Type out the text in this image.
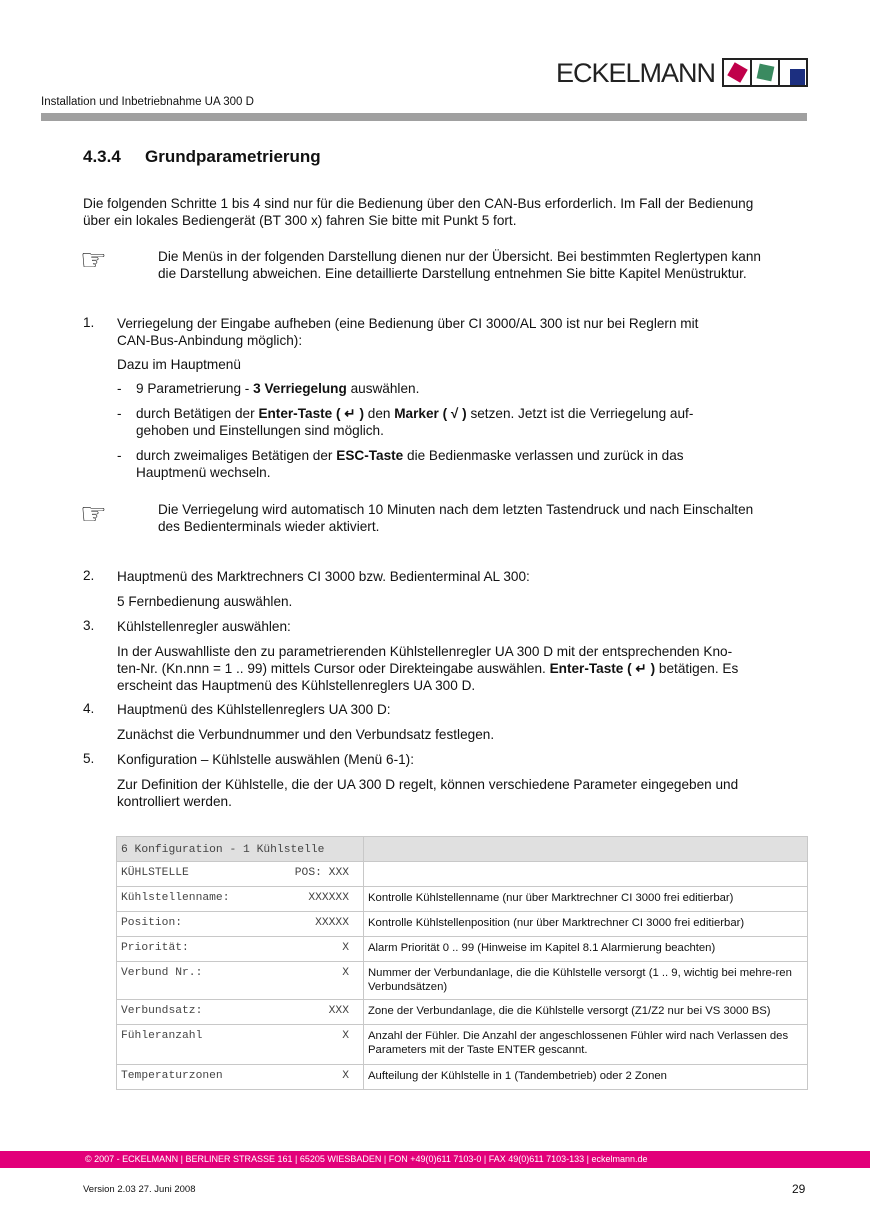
ECKELMANN
Installation und Inbetriebnahme UA 300 D
4.3.4 Grundparametrierung

Die folgenden Schritte 1 bis 4 sind nur für die Bedienung über den CAN-Bus erforderlich. Im Fall der Bedienung

über ein lokales Bediengerät (BT 300 x) fahren Sie bitte mit Punkt 5 fort.

☞	Die Menüs in der folgenden Darstellung dienen nur der Übersicht. Bei bestimmten Reglertypen kann

die Darstellung abweichen. Eine detaillierte Darstellung entnehmen Sie bitte Kapitel Menüstruktur.

1.	Verriegelung der Eingabe aufheben (eine Bedienung über CI 3000/AL 300 ist nur bei Reglern mit

CAN-Bus-Anbindung möglich):

Dazu im Hauptmenü

- 9 Parametrierung - 3 Verriegelung auswählen.

- durch Betätigen der Enter-Taste ( ↵ ) den Marker ( √ ) setzen. Jetzt ist die Verriegelung auf-

gehoben und Einstellungen sind möglich.

- durch zweimaliges Betätigen der ESC-Taste die Bedienmaske verlassen und zurück in das

Hauptmenü wechseln.

☞	Die Verriegelung wird automatisch 10 Minuten nach dem letzten Tastendruck und nach Einschalten

des Bedienterminals wieder aktiviert.

2.	Hauptmenü des Marktrechners CI 3000 bzw. Bedienterminal AL 300:

5 Fernbedienung auswählen.

3.	Kühlstellenregler auswählen:

In der Auswahlliste den zu parametrierenden Kühlstellenregler UA 300 D mit der entsprechenden Kno-

ten-Nr. (Kn.nnn = 1 .. 99) mittels Cursor oder Direkteingabe auswählen. Enter-Taste ( ↵ ) betätigen. Es

erscheint das Hauptmenü des Kühlstellenreglers UA 300 D.

4.	Hauptmenü des Kühlstellenreglers UA 300 D:

Zunächst die Verbundnummer und den Verbundsatz festlegen.

5.	Konfiguration – Kühlstelle auswählen (Menü 6-1):

Zur Definition der Kühlstelle, die der UA 300 D regelt, können verschiedene Parameter eingegeben und

kontrolliert werden.

6 Konfiguration - 1 Kühlstelle	

KÜHLSTELLE POS: XXX	

Kühlstellenname: XXXXXX	Kontrolle Kühlstellenname (nur über Marktrechner CI 3000 frei editierbar)

Position: XXXXX	Kontrolle Kühlstellenposition (nur über Marktrechner CI 3000 frei editierbar)

Priorität: X	Alarm Priorität 0 .. 99 (Hinweise im Kapitel 8.1 Alarmierung beachten)

Verbund Nr.: X	Nummer der Verbundanlage, die die Kühlstelle versorgt (1 .. 9, wichtig bei mehre-ren Verbundsätzen)

Verbundsatz: XXX	Zone der Verbundanlage, die die Kühlstelle versorgt (Z1/Z2 nur bei VS 3000 BS)

Fühleranzahl X	Anzahl der Fühler. Die Anzahl der angeschlossenen Fühler wird nach Verlassen des Parameters mit der Taste ENTER gescannt.

Temperaturzonen X	Aufteilung der Kühlstelle in 1 (Tandembetrieb) oder 2 Zonen
© 2007 - ECKELMANN | BERLINER STRASSE 161 | 65205 WIESBADEN | FON +49(0)611 7103-0 | FAX 49(0)611 7103-133 | eckelmann.de
Version 2.03 27. Juni 2008	29
